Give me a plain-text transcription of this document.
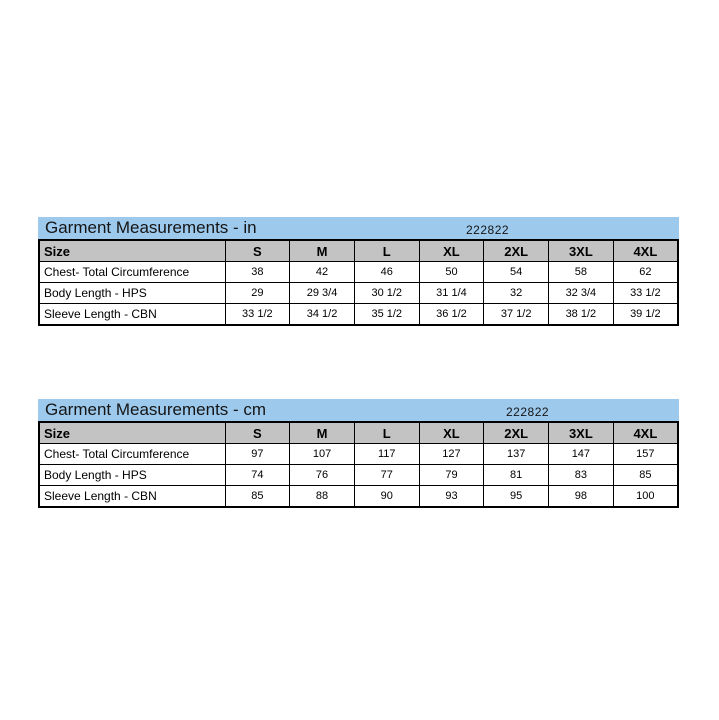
Garment Measurements - in	222822
Size	S	M	L	XL	2XL	3XL	4XL
Chest- Total Circumference	38	42	46	50	54	58	62
Body Length - HPS	29	29 3/4	30 1/2	31 1/4	32	32 3/4	33 1/2
Sleeve Length - CBN	33 1/2	34 1/2	35 1/2	36 1/2	37 1/2	38 1/2	39 1/2
Garment Measurements - cm	222822
Size	S	M	L	XL	2XL	3XL	4XL
Chest- Total Circumference	97	107	117	127	137	147	157
Body Length - HPS	74	76	77	79	81	83	85
Sleeve Length - CBN	85	88	90	93	95	98	100
